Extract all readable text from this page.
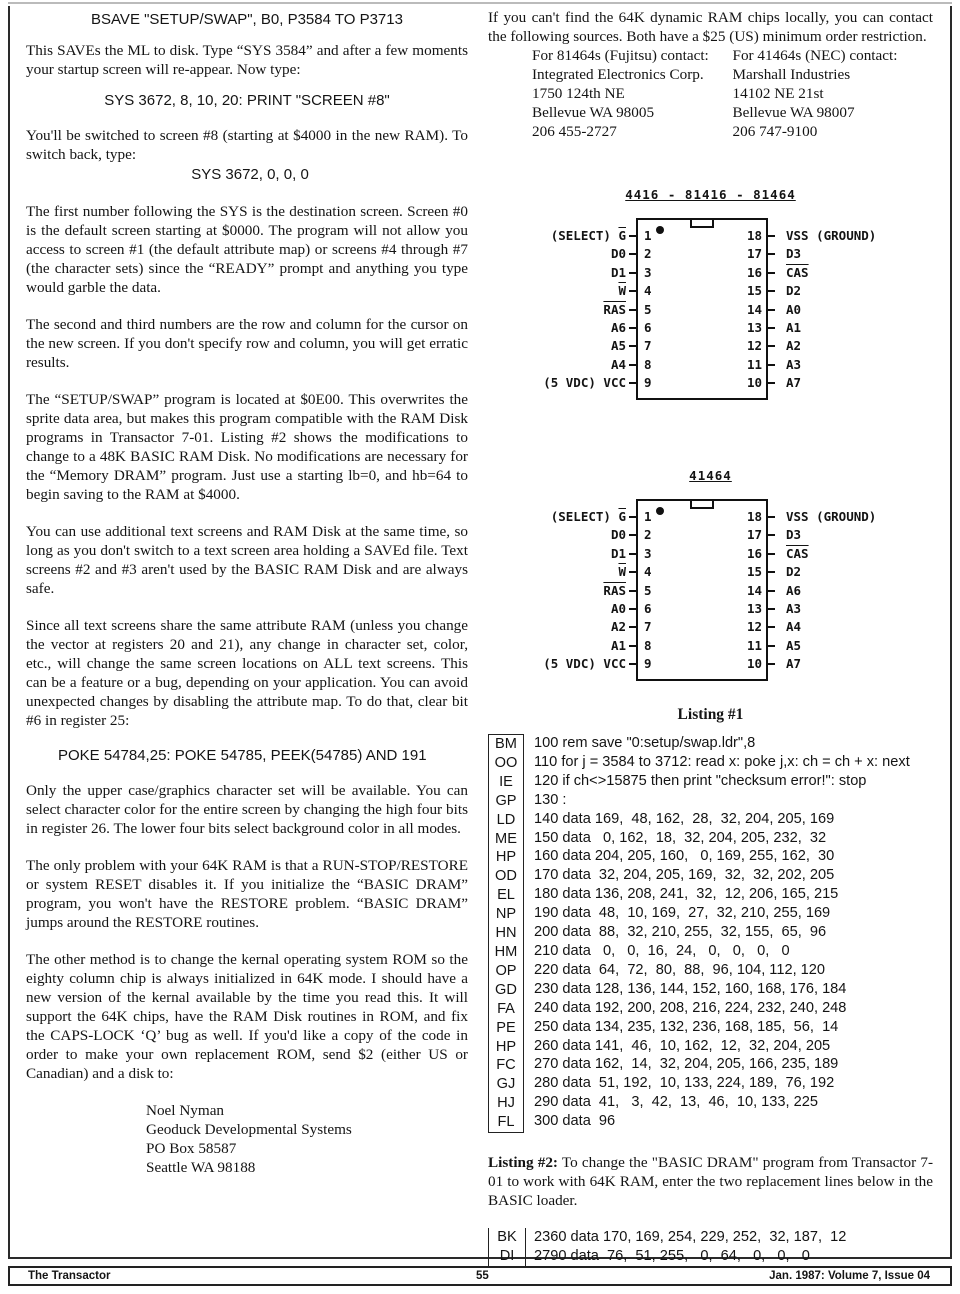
BSAVE "SETUP/SWAP", B0, P3584 TO P3713

This SAVEs the ML to disk. Type “SYS 3584” and after a few moments your startup screen will re-appear. Now type:

SYS 3672, 8, 10, 20: PRINT "SCREEN #8"

You'll be switched to screen #8 (starting at $4000 in the new RAM). To switch back, type:

SYS 3672, 0, 0, 0

The first number following the SYS is the destination screen. Screen #0 is the default screen starting at $0000. The program will not allow you access to screen #1 (the default attribute map) or screens #4 through #7 (the character sets) since the “READY” prompt and anything you type would garble the data.

The second and third numbers are the row and column for the cursor on the new screen. If you don't specify row and column, you will get erratic results.

The “SETUP/SWAP” program is located at $0E00. This overwrites the sprite data area, but makes this program compatible with the RAM Disk programs in Transactor 7-01. Listing #2 shows the modifications to change to a 48K BASIC RAM Disk. No modifications are necessary for the “Memory DRAM” program. Just use a starting lb=0, and hb=64 to begin saving to the RAM at $4000.

You can use additional text screens and RAM Disk at the same time, so long as you don't switch to a text screen area holding a SAVEd file. Text screens #2 and #3 aren't used by the BASIC RAM Disk and are always safe.

Since all text screens share the same attribute RAM (unless you change the vector at registers 20 and 21), any change in character set, color, etc., will change the same screen locations on ALL text screens. This can be a feature or a bug, depending on your application. You can avoid unexpected changes by disabling the attribute map. To do that, clear bit #6 in register 25:

POKE 54784,25: POKE 54785, PEEK(54785) AND 191

Only the upper case/graphics character set will be available. You can select character color for the entire screen by changing the high four bits in register 26. The lower four bits select background color in all modes.

The only problem with your 64K RAM is that a RUN-STOP/RESTORE or system RESET disables it. If you initialize the “BASIC DRAM” program, you won't have the RESTORE problem. “BASIC DRAM” jumps around the RESTORE routines.

The other method is to change the kernal operating system ROM so the eighty column chip is always initialized in 64K mode. I should have a new version of the kernal available by the time you read this. It will support the 64K chips, have the RAM Disk routines in ROM, and fix the CAPS-LOCK ‘Q’ bug as well. If you'd like a copy of the code in order to make your own replacement ROM, send $2 (either US or Canadian) and a disk to:

Noel Nyman
Geoduck Developmental Systems
PO Box 58587
Seattle WA 98188

If you can't find the 64K dynamic RAM chips locally, you can contact the following sources. Both have a $25 (US) minimum order restriction.

For 81464s (Fujitsu) contact:
Integrated Electronics Corp.
1750 124th NE
Bellevue WA 98005
206 455-2727
For 41464s (NEC) contact:
Marshall Industries
14102 NE 21st
Bellevue WA 98007
206 747-9100
4416 - 81416 - 81464
(SELECT) $\overline{G}$ 1
D0 2
D1 3
$\overline{W}$ 4
$\overline{RAS}$ 5
A6 6
A5 7
A4 8
(5 VDC) VCC 9
18 VSS (GROUND)
17 D3
16 $\overline{CAS}$
15 D2
14 A0
13 A1
12 A2
11 A3
10 A7
41464
(SELECT) $\overline{G}$ 1
D0 2
D1 3
$\overline{W}$ 4
$\overline{RAS}$ 5
A0 6
A2 7
A1 8
(5 VDC) VCC 9
18 VSS (GROUND)
17 D3
16 $\overline{CAS}$
15 D2
14 A6
13 A3
12 A4
11 A5
10 A7
Listing #1
BM
OO
IE
GP
LD
ME
HP
OD
EL
NP
HN
HM
OP
GD
FA
PE
HP
FC
GJ
HJ
FL
100 rem save "0:setup/swap.ldr",8
110 for j = 3584 to 3712: read x: poke j,x: ch = ch + x: next
120 if ch<>15875 then print "checksum error!": stop
130 :
140 data 169,  48, 162,  28,  32, 204, 205, 169
150 data   0, 162,  18,  32, 204, 205, 232,  32
160 data 204, 205, 160,   0, 169, 255, 162,  30
170 data  32, 204, 205, 169,  32,  32, 202, 205
180 data 136, 208, 241,  32,  12, 206, 165, 215
190 data  48,  10, 169,  27,  32, 210, 255, 169
200 data  88,  32, 210, 255,  32, 155,  65,  96
210 data   0,   0,  16,  24,   0,   0,   0,   0
220 data  64,  72,  80,  88,  96, 104, 112, 120
230 data 128, 136, 144, 152, 160, 168, 176, 184
240 data 192, 200, 208, 216, 224, 232, 240, 248
250 data 134, 235, 132, 236, 168, 185,  56,  14
260 data 141,  46,  10, 162,  12,  32, 204, 205
270 data 162,  14,  32, 204, 205, 166, 235, 189
280 data  51, 192,  10, 133, 224, 189,  76, 192
290 data  41,   3,  42,  13,  46,  10, 133, 225
300 data  96

Listing #2: To change the "BASIC DRAM" program from Transactor 7-01 to work with 64K RAM, enter the two replacement lines below in the BASIC loader.

BK
DI
2360 data 170, 169, 254, 229, 252,  32, 187,  12
2790 data  76,  51, 255,   0,  64,   0,   0,   0
The Transactor	55	Jan. 1987: Volume 7, Issue 04
